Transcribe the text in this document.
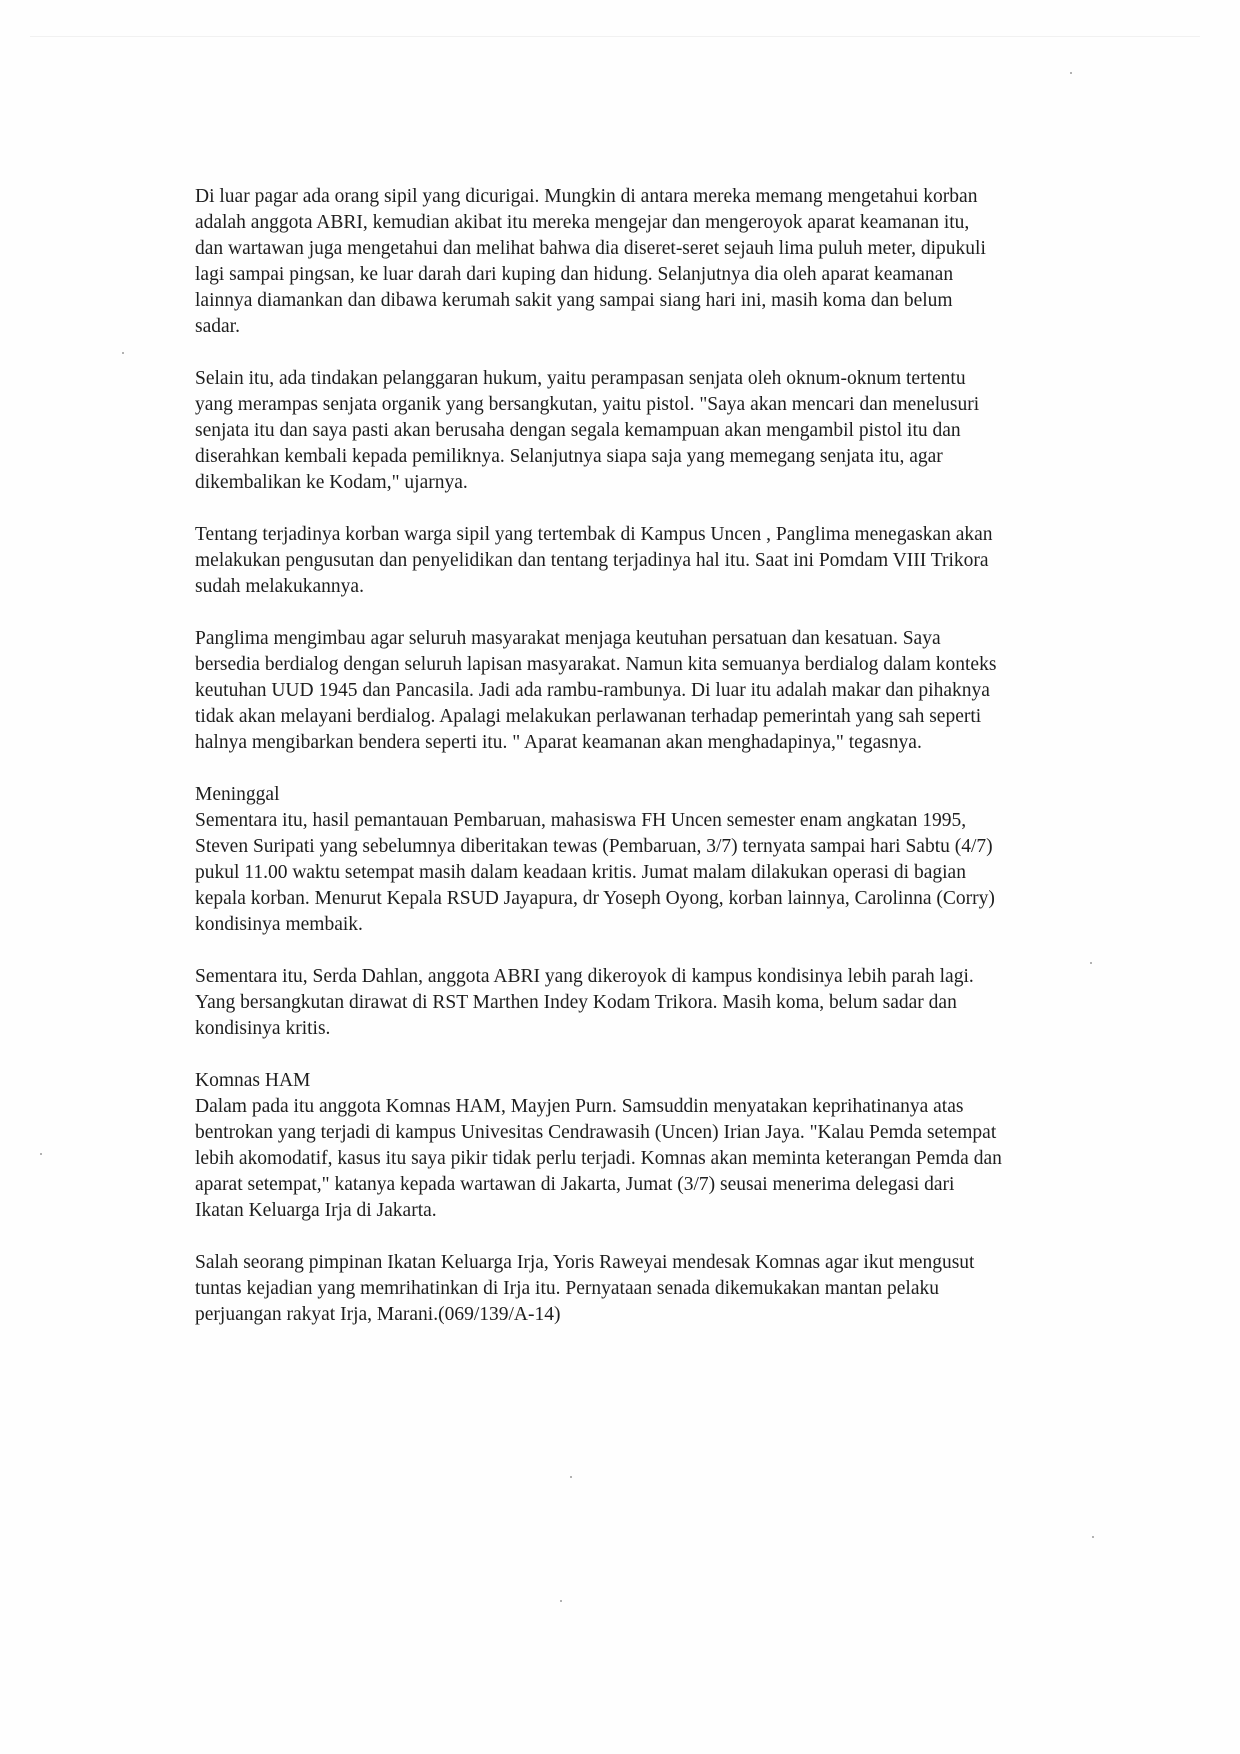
Di luar pagar ada orang sipil yang dicurigai. Mungkin di antara mereka memang mengetahui korban
adalah anggota ABRI, kemudian akibat itu mereka mengejar dan mengeroyok aparat keamanan itu,
dan wartawan juga mengetahui dan melihat bahwa dia diseret-seret sejauh lima puluh meter, dipukuli
lagi sampai pingsan, ke luar darah dari kuping dan hidung. Selanjutnya dia oleh aparat keamanan
lainnya diamankan dan dibawa kerumah sakit yang sampai siang hari ini, masih koma dan belum
sadar.

Selain itu, ada tindakan pelanggaran hukum, yaitu perampasan senjata oleh oknum-oknum tertentu
yang merampas senjata organik yang bersangkutan, yaitu pistol. "Saya akan mencari dan menelusuri
senjata itu dan saya pasti akan berusaha dengan segala kemampuan akan mengambil pistol itu dan
diserahkan kembali kepada pemiliknya. Selanjutnya siapa saja yang memegang senjata itu, agar
dikembalikan ke Kodam," ujarnya.

Tentang terjadinya korban warga sipil yang tertembak di Kampus Uncen , Panglima menegaskan akan
melakukan pengusutan dan penyelidikan dan tentang terjadinya hal itu. Saat ini Pomdam VIII Trikora
sudah melakukannya.

Panglima mengimbau agar seluruh masyarakat menjaga keutuhan persatuan dan kesatuan. Saya
bersedia berdialog dengan seluruh lapisan masyarakat. Namun kita semuanya berdialog dalam konteks
keutuhan UUD 1945 dan Pancasila. Jadi ada rambu-rambunya. Di luar itu adalah makar dan pihaknya
tidak akan melayani berdialog. Apalagi melakukan perlawanan terhadap pemerintah yang sah seperti
halnya mengibarkan bendera seperti itu. " Aparat keamanan akan menghadapinya," tegasnya.

Meninggal

Sementara itu, hasil pemantauan Pembaruan, mahasiswa FH Uncen semester enam angkatan 1995,
Steven Suripati yang sebelumnya diberitakan tewas (Pembaruan, 3/7) ternyata sampai hari Sabtu (4/7)
pukul 11.00 waktu setempat masih dalam keadaan kritis. Jumat malam dilakukan operasi di bagian
kepala korban. Menurut Kepala RSUD Jayapura, dr Yoseph Oyong, korban lainnya, Carolinna (Corry)
kondisinya membaik.

Sementara itu, Serda Dahlan, anggota ABRI yang dikeroyok di kampus kondisinya lebih parah lagi.
Yang bersangkutan dirawat di RST Marthen Indey Kodam Trikora. Masih koma, belum sadar dan
kondisinya kritis.

Komnas HAM

Dalam pada itu anggota Komnas HAM, Mayjen Purn. Samsuddin menyatakan keprihatinanya atas
bentrokan yang terjadi di kampus Univesitas Cendrawasih (Uncen) Irian Jaya. "Kalau Pemda setempat
lebih akomodatif, kasus itu saya pikir tidak perlu terjadi. Komnas akan meminta keterangan Pemda dan
aparat setempat," katanya kepada wartawan di Jakarta, Jumat (3/7) seusai menerima delegasi dari
Ikatan Keluarga Irja di Jakarta.

Salah seorang pimpinan Ikatan Keluarga Irja, Yoris Raweyai mendesak Komnas agar ikut mengusut
tuntas kejadian yang memrihatinkan di Irja itu. Pernyataan senada dikemukakan mantan pelaku
perjuangan rakyat Irja, Marani.(069/139/A-14)
